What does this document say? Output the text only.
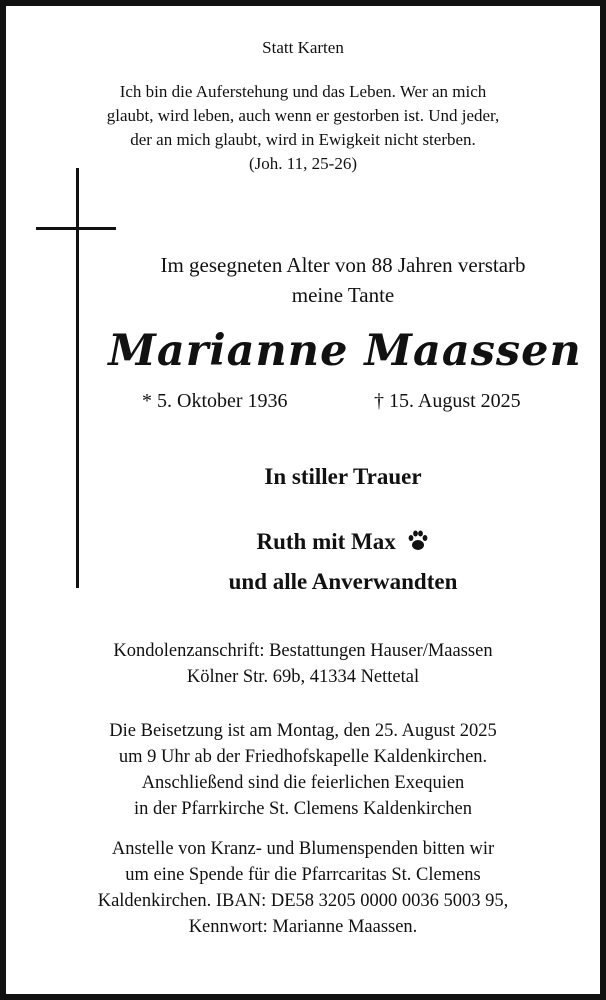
Statt Karten
Ich bin die Auferstehung und das Leben. Wer an mich
glaubt, wird leben, auch wenn er gestorben ist. Und jeder,
der an mich glaubt, wird in Ewigkeit nicht sterben.
(Joh. 11, 25-26)
Im gesegneten Alter von 88 Jahren verstarb
meine Tante
Marianne Maassen
* 5. Oktober 1936	† 15. August 2025
In stiller Trauer
Ruth mit Max
und alle Anverwandten
Kondolenzanschrift: Bestattungen Hauser/Maassen
Kölner Str. 69b, 41334 Nettetal
Die Beisetzung ist am Montag, den 25. August 2025
um 9 Uhr ab der Friedhofskapelle Kaldenkirchen.
Anschließend sind die feierlichen Exequien
in der Pfarrkirche St. Clemens Kaldenkirchen
Anstelle von Kranz- und Blumenspenden bitten wir
um eine Spende für die Pfarrcaritas St. Clemens
Kaldenkirchen. IBAN: DE58 3205 0000 0036 5003 95,
Kennwort: Marianne Maassen.
